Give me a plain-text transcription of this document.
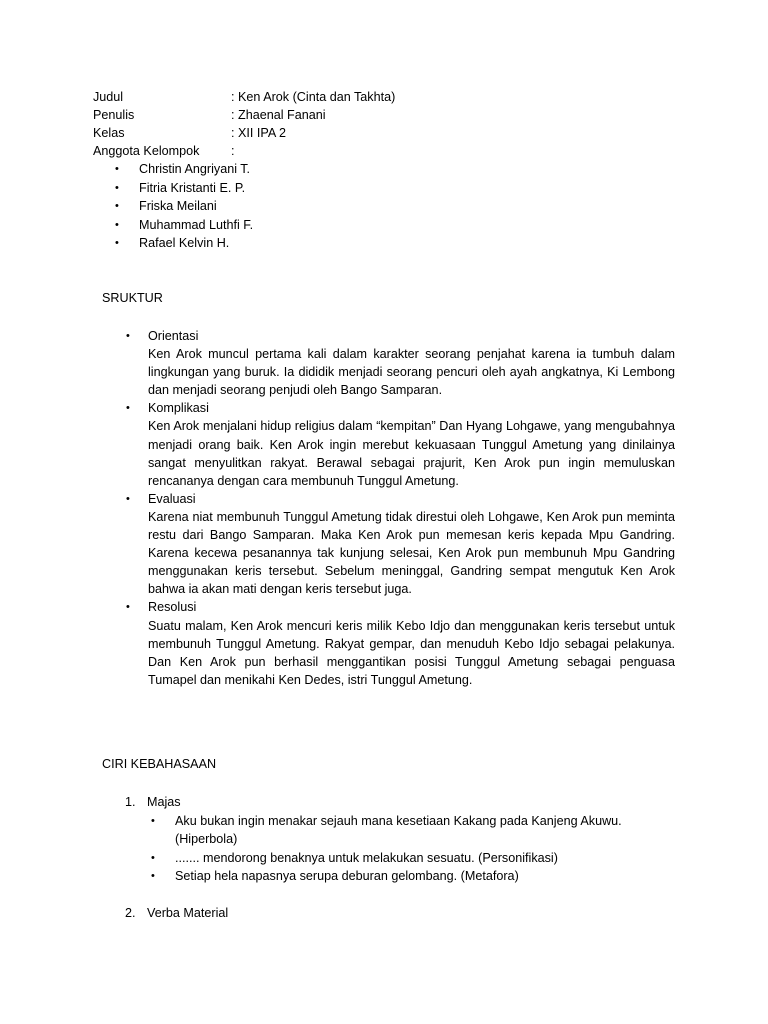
Judul	: Ken Arok (Cinta dan Takhta)
Penulis	: Zhaenal Fanani
Kelas	: XII IPA 2
Anggota Kelompok	:
• Christin Angriyani T.
• Fitria Kristanti E. P.
• Friska Meilani
• Muhammad Luthfi F.
• Rafael Kelvin H.
SRUKTUR
• Orientasi
Ken Arok muncul pertama kali dalam karakter seorang penjahat karena ia tumbuh dalam lingkungan yang buruk. Ia dididik menjadi seorang pencuri oleh ayah angkatnya, Ki Lembong dan menjadi seorang penjudi oleh Bango Samparan.
• Komplikasi
Ken Arok menjalani hidup religius dalam “kempitan” Dan Hyang Lohgawe, yang mengubahnya menjadi orang baik. Ken Arok ingin merebut kekuasaan Tunggul Ametung yang dinilainya sangat menyulitkan rakyat. Berawal sebagai prajurit, Ken Arok pun ingin memuluskan rencananya dengan cara membunuh Tunggul Ametung.
• Evaluasi
Karena niat membunuh Tunggul Ametung tidak direstui oleh Lohgawe, Ken Arok pun meminta restu dari Bango Samparan. Maka Ken Arok pun memesan keris kepada Mpu Gandring. Karena kecewa pesanannya tak kunjung selesai, Ken Arok pun membunuh Mpu Gandring menggunakan keris tersebut. Sebelum meninggal, Gandring sempat mengutuk Ken Arok bahwa ia akan mati dengan keris tersebut juga.
• Resolusi
Suatu malam, Ken Arok mencuri keris milik Kebo Idjo dan menggunakan keris tersebut untuk membunuh Tunggul Ametung. Rakyat gempar, dan menuduh Kebo Idjo sebagai pelakunya. Dan Ken Arok pun berhasil menggantikan posisi Tunggul Ametung sebagai penguasa Tumapel dan menikahi Ken Dedes, istri Tunggul Ametung.
CIRI KEBAHASAAN
1. Majas
• Aku bukan ingin menakar sejauh mana kesetiaan Kakang pada Kanjeng Akuwu. (Hiperbola)
• ....... mendorong benaknya untuk melakukan sesuatu. (Personifikasi)
• Setiap hela napasnya serupa deburan gelombang. (Metafora)
2. Verba Material
